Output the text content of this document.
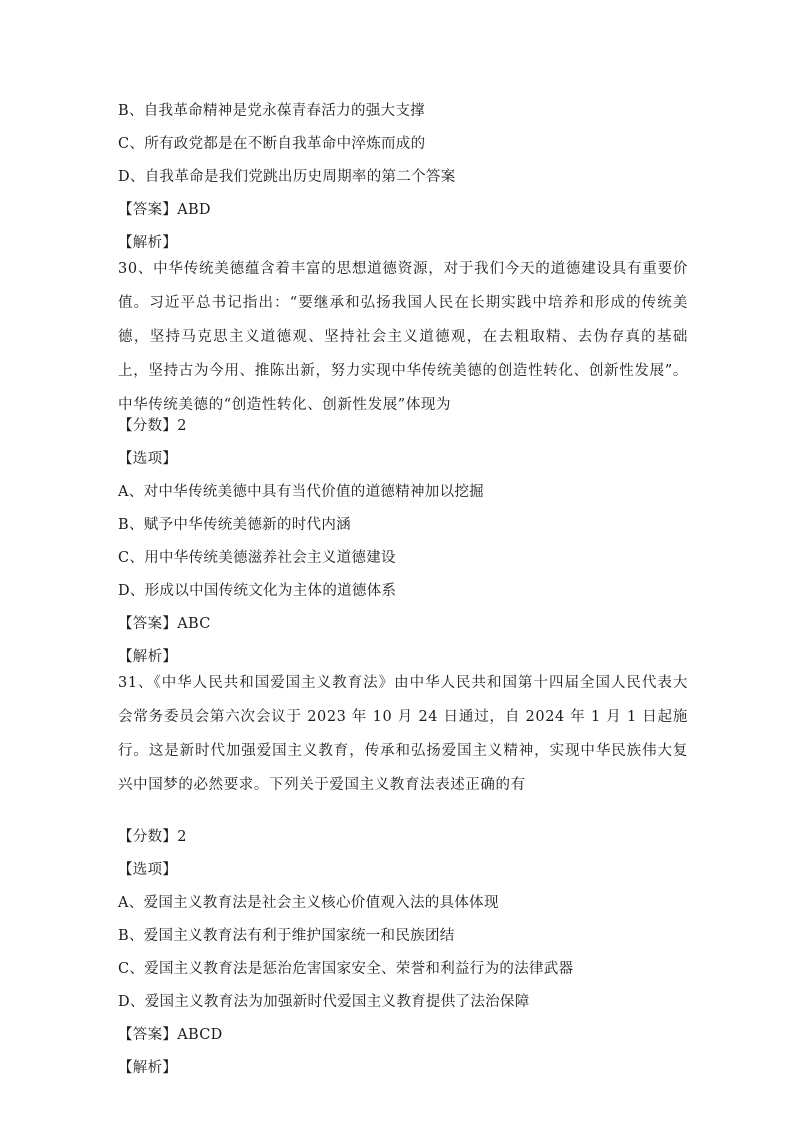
B、自我革命精神是党永葆青春活力的强大支撑
C、所有政党都是在不断自我革命中淬炼而成的
D、自我革命是我们党跳出历史周期率的第二个答案
【答案】ABD
【解析】
30、中华传统美德蕴含着丰富的思想道德资源，对于我们今天的道德建设具有重要价值。习近平总书记指出：“要继承和弘扬我国人民在长期实践中培养和形成的传统美德，坚持马克思主义道德观、坚持社会主义道德观，在去粗取精、去伪存真的基础上，坚持古为今用、推陈出新，努力实现中华传统美德的创造性转化、创新性发展”。中华传统美德的“创造性转化、创新性发展”体现为
【分数】2
【选项】
A、对中华传统美德中具有当代价值的道德精神加以挖掘
B、赋予中华传统美德新的时代内涵
C、用中华传统美德滋养社会主义道德建设
D、形成以中国传统文化为主体的道德体系
【答案】ABC
【解析】
31、《中华人民共和国爱国主义教育法》由中华人民共和国第十四届全国人民代表大会常务委员会第六次会议于 2023 年 10 月 24 日通过，自 2024 年 1 月 1 日起施行。这是新时代加强爱国主义教育，传承和弘扬爱国主义精神，实现中华民族伟大复兴中国梦的必然要求。下列关于爱国主义教育法表述正确的有
【分数】2
【选项】
A、爱国主义教育法是社会主义核心价值观入法的具体体现
B、爱国主义教育法有利于维护国家统一和民族团结
C、爱国主义教育法是惩治危害国家安全、荣誉和利益行为的法律武器
D、爱国主义教育法为加强新时代爱国主义教育提供了法治保障
【答案】ABCD
【解析】
